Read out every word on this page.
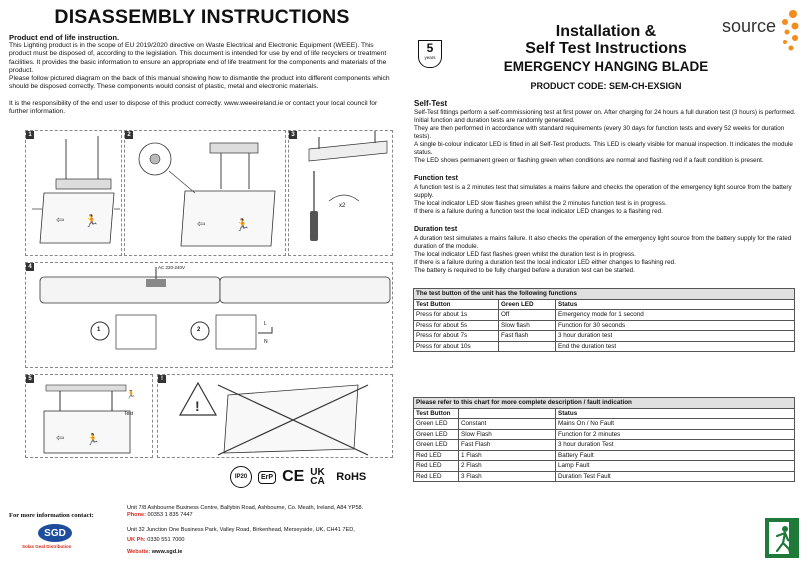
DISASSEMBLY INSTRUCTIONS
Product end of life instruction.
This Lighting product is in the scope of EU 2019/2020 directive on Waste Electrical and Electronic Equipment (WEEE). This product must be disposed of, according to the legislation. This document is intended for use by end of life recyclers or treatment facilities. It provides the basic information to ensure an appropriate end of life treatment for the components and materials of the product.
Please follow pictured diagram on the back of this manual showing how to dismantle the product into different components which should be disposed correctly. These components would consist of plastic, metal and electronic materials.
It is the responsibility of the end user to dispose of this product correctly. www.weeeireland.ie or contact your local council for further information.
1
⇦ 🏃
2
⇦ 🏃
3
x2
4	AC 220-240V
1	2
L
N
5
⇦ 🏃
🏃
Test
!
!
IP20	ErP CE UK CA	RoHS
For more information contact:
SGD
Solas Geal Distribution
Unit 7/8 Ashbourne Business Centre, Ballybin Road, Ashbourne, Co. Meath, Ireland, A84 YP58.
Phone: 00353 1 835 7447
Unit 32 Junction One Business Park, Valley Road, Birkenhead, Merseyside, UK, CH41 7ED,
UK Ph: 0330 551 7000
Website: www.sgd.ie
5
years
Installation &
Self Test Instructions
EMERGENCY HANGING BLADE
PRODUCT CODE: SEM-CH-EXSIGN
source
Self-Test
Self-Test fittings perform a self-commissioning test at first power on. After charging for 24 hours a full duration test (3 hours) is performed. Initial function and duration tests are randomly generated.
They are then performed in accordance with standard requirements (every 30 days for function tests and every 52 weeks for duration tests).
A single bi-colour indicator LED is fitted in all Self-Test products. This LED is clearly visible for manual inspection. It indicates the module status.
The LED shows permanent green or flashing green when conditions are normal and flashing red if a fault condition is present.
Function test
A function test is a 2 minutes test that simulates a mains failure and checks the operation of the emergency light source from the battery supply.
The local indicator LED slow flashes green whilst the 2 minutes function test is in progress.
If there is a failure during a function test the local indicator LED changes to a flashing red.
Duration test
A duration test simulates a mains failure. It also checks the operation of the emergency light source from the battery supply for the rated duration of the module.
The local indicator LED fast flashes green whilst the duration test is in progress.
If there is a failure during a duration test the local indicator LED either changes to flashing red.
The battery is required to be fully charged before a duration test can be started.
The test button of the unit has the following functions		
Test Button	Green LED	Status
Press for about 1s	Off	Emergency mode for 1 second
Press for about 5s	Slow flash	Function for 30 seconds
Press for about 7s	Fast flash	3 hour duration test
Press for about 10s		End the duration test
Please refer to this chart for more complete description / fault indication		
Test Button		Status
Green LED	Constant	Mains On / No Fault
Green LED	Slow Flash	Function for 2 minutes
Green LED	Fast Flash	3 hour duration Test
Red LED	1 Flash	Battery Fault
Red LED	2 Flash	Lamp Fault
Red LED	3 Flash	Duration Test Fault
